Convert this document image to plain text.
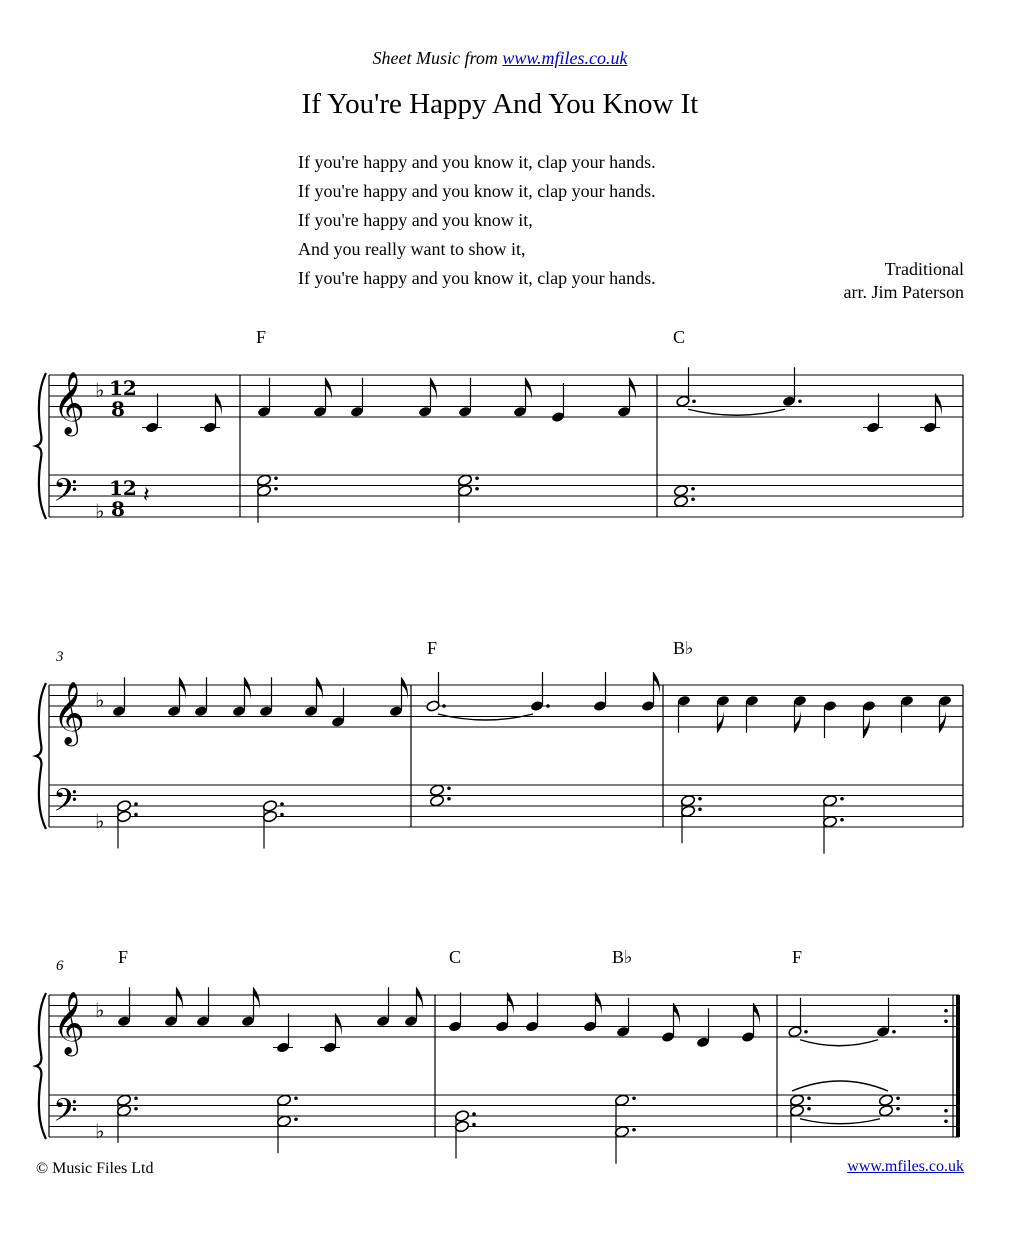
Sheet Music from www.mfiles.co.uk
If You're Happy And You Know It
If you're happy and you know it, clap your hands.
If you're happy and you know it, clap your hands.
If you're happy and you know it,
And you really want to show it,
If you're happy and you know it, clap your hands.	Traditional
arr. Jim Paterson
F	C
F	B♭
F	C	B♭	F
3
6
𝄞
𝄢
♭
♭
12
8
12
8
𝄞
𝄢
♭
♭
𝄞
𝄢
♭
♭
𝄽
© Music Files Ltd	www.mfiles.co.uk
